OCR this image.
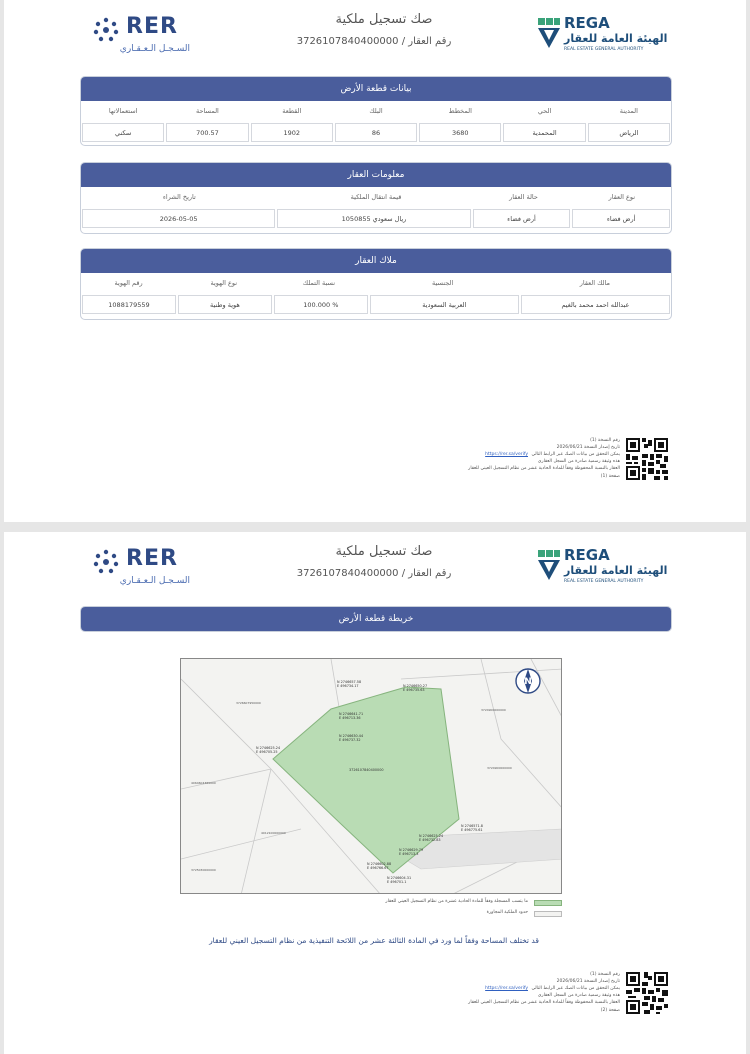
RER
السـجـل الـعـقـاري
صك تسجيل ملكية
رقم العقار / 3726107840400000
REGA
الهيئة العامة للعقار
REAL ESTATE GENERAL AUTHORITY
بيانات قطعة الأرض
المدينة
الحي
المخطط
البلك
القطعة
المساحة
استعمالاتها
الرياض
المحمدية
3680
86
1902
700.57
سكني
معلومات العقار
نوع العقار
حالة العقار
قيمة انتقال الملكية
تاريخ الشراء
أرض فضاء
أرض فضاء
1050855 ريال سعودي
2026-05-05
ملاك العقار
مالك العقار
الجنسية
نسبة التملك
نوع الهوية
رقم الهوية
عبدالله احمد محمد بالغيم
العربية السعودية
100.000 %
هوية وطنية
1088179559
رقم النسخة (1)
تاريخ إصدار النسخة 2026/06/21
يمكن التحقق من بيانات الصك عبر الرابط التالي
https://rer.sa/verify
هذه وثيقة رسمية صادرة من السجل العقاري
العقار بالنسبة المحفوظة وفقاً للمادة الحادية عشر من نظام التسجيل العيني للعقار
صفحة (1)
RER
السـجـل الـعـقـاري
صك تسجيل ملكية
رقم العقار / 3726107840400000
REGA
الهيئة العامة للعقار
REAL ESTATE GENERAL AUTHORITY
خريطة قطعة الأرض
N 2746650.27
E 496735.63
N 2746657.58
E 496734.17
N 2746641.71
E 496713.36
N 2746630.44
E 496737.32
N 2746625.24
E 496705.25
N 2746571.8
E 496775.61
N 2746625.24
E 496732.83
N 2746629.79
E 496713.3
N 2746602.88
E 496766.67
N 2746604.31
E 496701.1
3726107840400000
4064604389000
3726607950000
3724900000000
4012100000000
3725030000000
3724900000000
N
ما يتسب المسجلة وفقاً للمادة الحادية عشرة من نظام التسجيل العيني للعقار
حدود الملكية المجاورة
قد تختلف المساحة وفقاً لما ورد في المادة الثالثة عشر من اللائحة التنفيذية من نظام التسجيل العيني للعقار
رقم النسخة (1)
تاريخ إصدار النسخة 2026/06/21
يمكن التحقق من بيانات الصك عبر الرابط التالي
https://rer.sa/verify
هذه وثيقة رسمية صادرة من السجل العقاري
العقار بالنسبة المحفوظة وفقاً للمادة الحادية عشر من نظام التسجيل العيني للعقار
صفحة (2)
